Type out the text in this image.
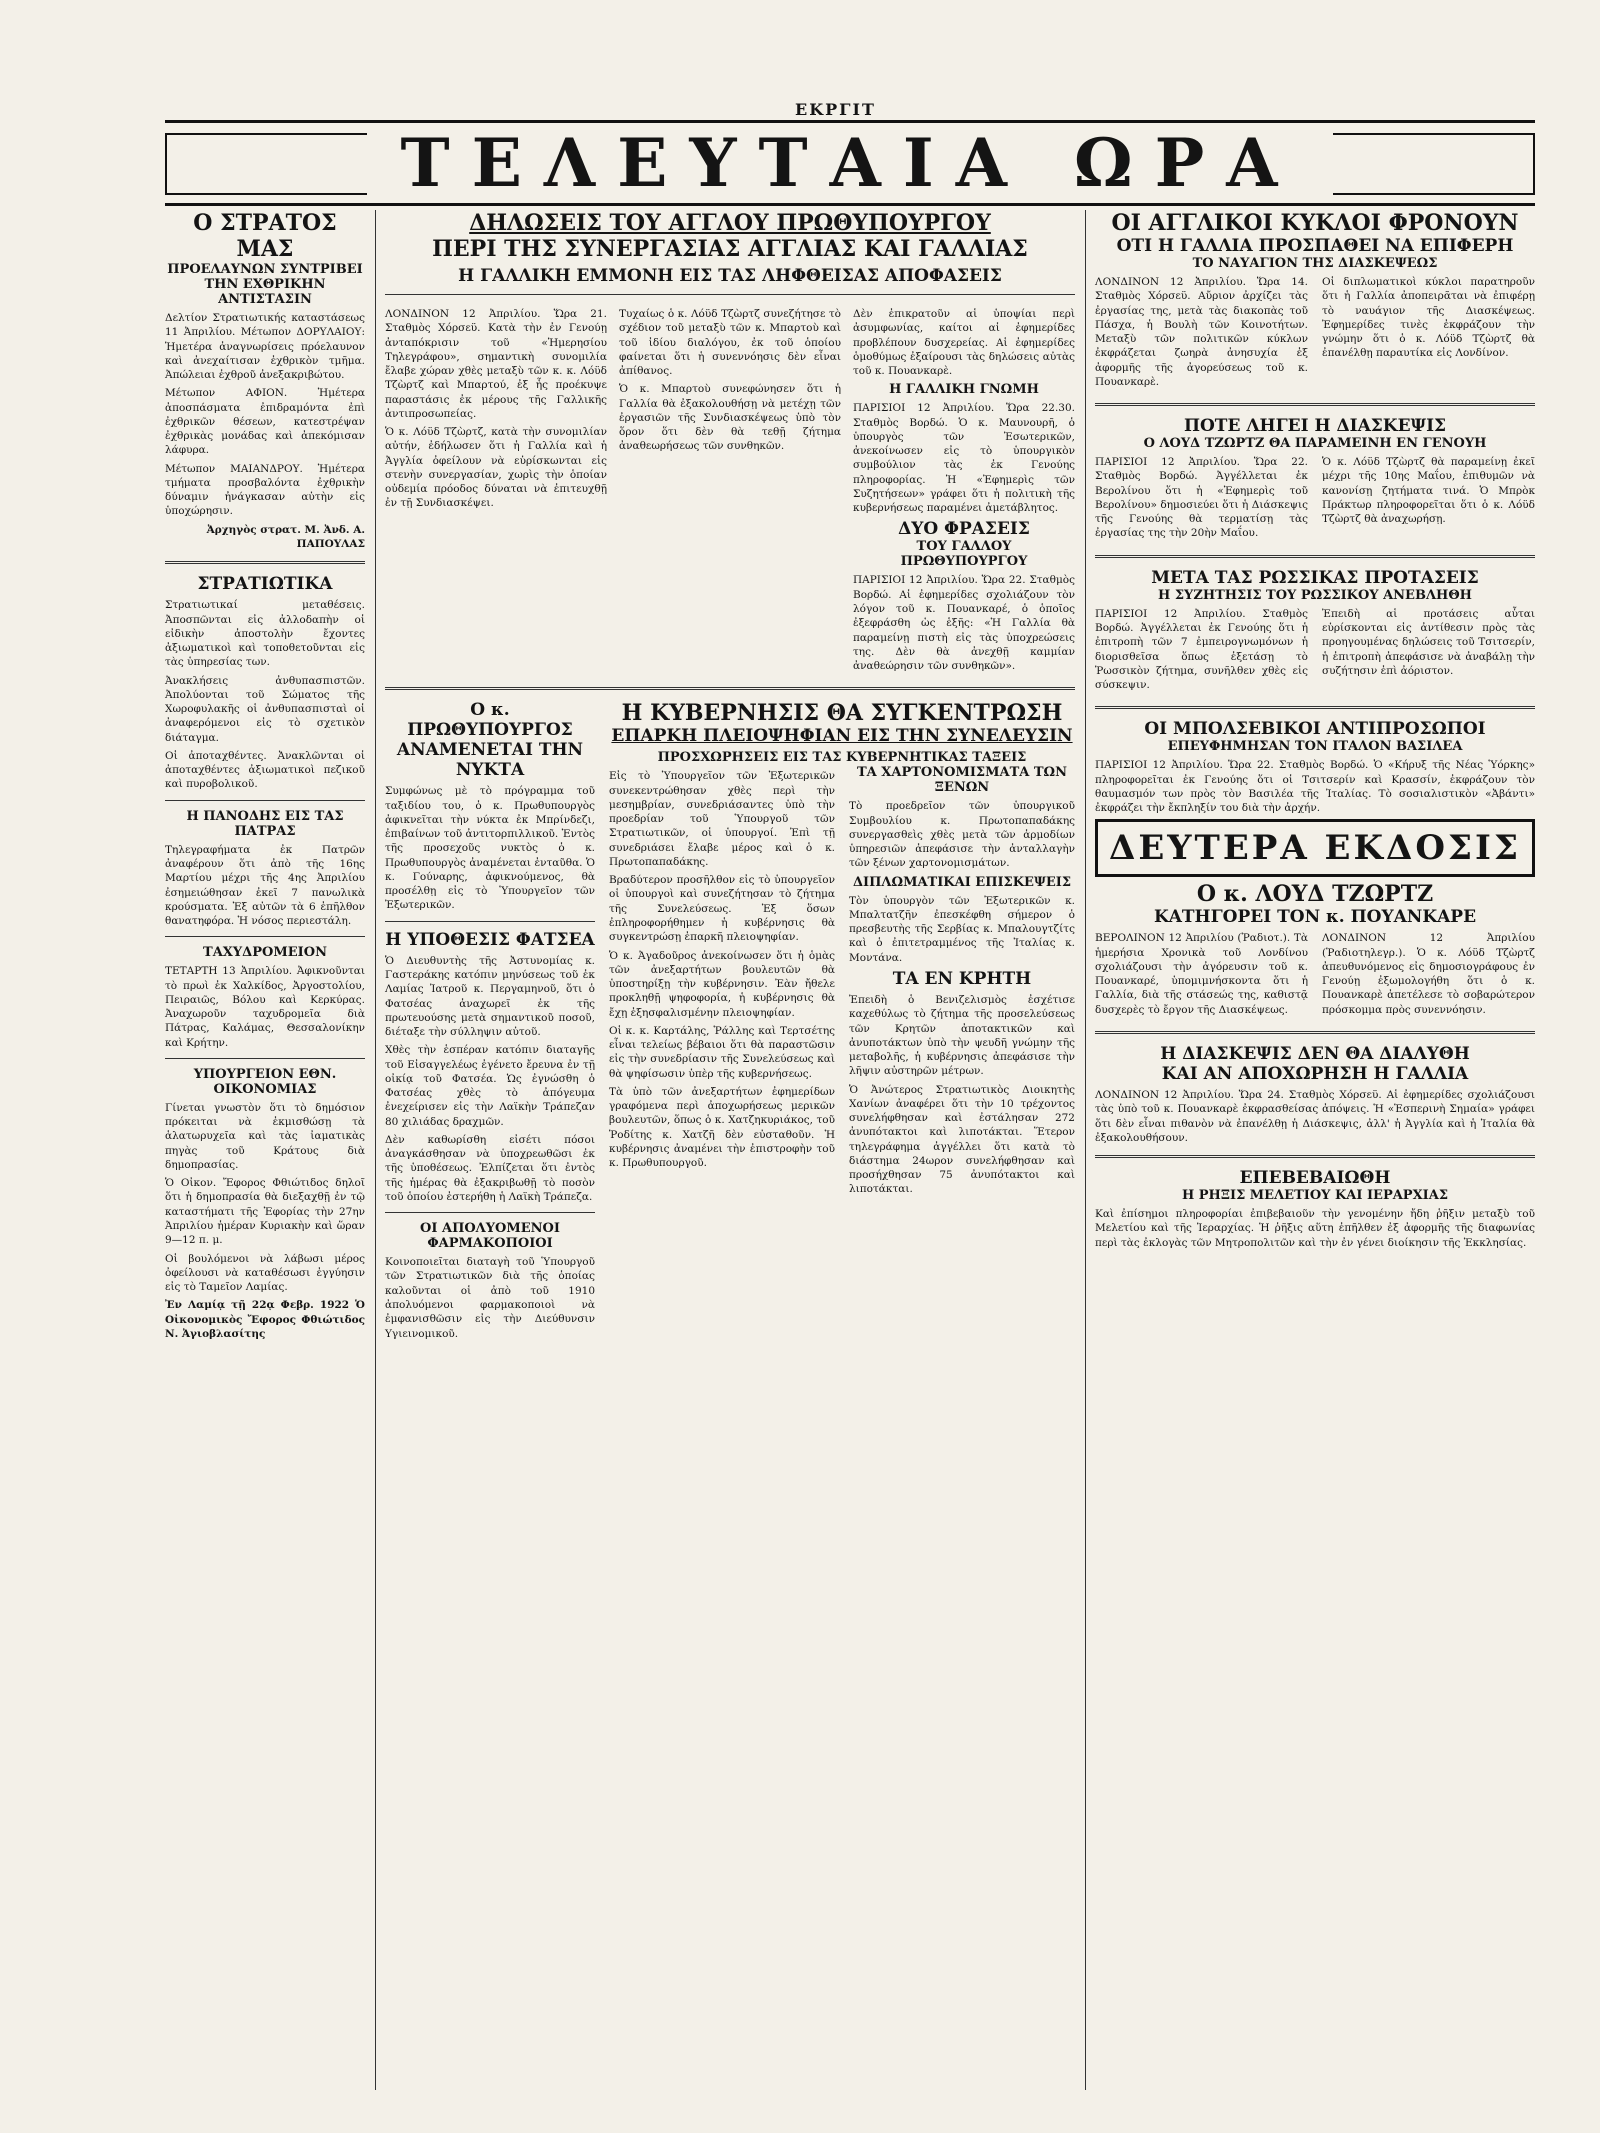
ΕΚΡΓΙΤ
ΤΕΛΕΥΤΑΙΑ ΩΡΑ
Ο ΣΤΡΑΤΟΣ ΜΑΣ
ΠΡΟΕΛΑΥΝΩΝ ΣΥΝΤΡΙΒΕΙ ΤΗΝ ΕΧΘΡΙΚΗΝ ΑΝΤΙΣΤΑΣΙΝ

Δελτίον Στρατιωτικής καταστάσεως 11 Ἀπριλίου. Μέτωπον ΔΟΡΥΛΑΙΟΥ: Ἡμετέρα ἀναγνωρίσεις πρόελαυνον καὶ ἀνεχαίτισαν ἐχθρικὸν τμῆμα. Ἀπώλειαι ἐχθροῦ ἀνεξακριβώτου.

Μέτωπον ΑΦΙΟΝ. Ἡμέτερα ἀποσπάσματα ἐπιδραμόντα ἐπὶ ἐχθρικῶν θέσεων, κατεστρέψαν ἐχθρικὰς μονάδας καὶ ἀπεκόμισαν λάφυρα.

Μέτωπον ΜΑΙΑΝΔΡΟΥ. Ἡμέτερα τμήματα προσβαλόντα ἐχθρικὴν δύναμιν ἠνάγκασαν αὐτὴν εἰς ὑποχώρησιν.

Ἀρχηγὸς στρατ. Μ. Ἀνδ. Α. ΠΑΠΟΥΛΑΣ

ΣΤΡΑΤΙΩΤΙΚΑ

Στρατιωτικαί μεταθέσεις. Ἀποσπῶνται εἰς ἀλλοδαπὴν οἱ εἰδικὴν ἀποστολὴν ἔχοντες ἀξιωματικοὶ καὶ τοποθετοῦνται εἰς τὰς ὑπηρεσίας των.

Ἀνακλήσεις ἀνθυπασπιστῶν. Ἀπολύονται τοῦ Σώματος τῆς Χωροφυλακῆς οἱ ἀνθυπασπισταὶ οἱ ἀναφερόμενοι εἰς τὸ σχετικὸν διάταγμα.

Οἱ ἀποταχθέντες. Ἀνακλῶνται οἱ ἀποταχθέντες ἀξιωματικοὶ πεζικοῦ καὶ πυροβολικοῦ.

Η ΠΑΝΟΔΗΣ ΕΙΣ ΤΑΣ ΠΑΤΡΑΣ

Τηλεγραφήματα ἐκ Πατρῶν ἀναφέρουν ὅτι ἀπὸ τῆς 16ης Μαρτίου μέχρι τῆς 4ης Ἀπριλίου ἐσημειώθησαν ἐκεῖ 7 πανωλικὰ κρούσματα. Ἐξ αὐτῶν τὰ 6 ἐπῆλθον θανατηφόρα. Ἡ νόσος περιεστάλη.

ΤΑΧΥΔΡΟΜΕΙΟΝ

ΤΕΤΑΡΤΗ 13 Ἀπριλίου. Ἀφικνοῦνται τὸ πρωὶ ἐκ Χαλκίδος, Ἀργοστολίου, Πειραιῶς, Βόλου καὶ Κερκύρας. Ἀναχωροῦν ταχυδρομεῖα διὰ Πάτρας, Καλάμας, Θεσσαλονίκην καὶ Κρήτην.

ΥΠΟΥΡΓΕΙΟΝ ΕΘΝ. ΟΙΚΟΝΟΜΙΑΣ

Γίνεται γνωστὸν ὅτι τὸ δημόσιον πρόκειται νὰ ἐκμισθώσῃ τὰ ἁλατωρυχεῖα καὶ τὰς ἰαματικὰς πηγὰς τοῦ Κράτους διὰ δημοπρασίας.

Ὁ Οἰκον. Ἔφορος Φθιώτιδος δηλοῖ ὅτι ἡ δημοπρασία θὰ διεξαχθῇ ἐν τῷ καταστήματι τῆς Ἐφορίας τὴν 27ην Ἀπριλίου ἡμέραν Κυριακὴν καὶ ὥραν 9—12 π. μ.

Οἱ βουλόμενοι νὰ λάβωσι μέρος ὀφείλουσι νὰ καταθέσωσι ἐγγύησιν εἰς τὸ Ταμεῖον Λαμίας.

Ἐν Λαμίᾳ τῇ 22ᾳ Φεβρ. 1922 Ὁ Οἰκονομικὸς Ἔφορος Φθιώτιδος Ν. Ἀγιοβλασίτης

ΔΗΛΩΣΕΙΣ ΤΟΥ ΑΓΓΛΟΥ ΠΡΩΘΥΠΟΥΡΓΟΥ
ΠΕΡΙ ΤΗΣ ΣΥΝΕΡΓΑΣΙΑΣ ΑΓΓΛΙΑΣ ΚΑΙ ΓΑΛΛΙΑΣ
Η ΓΑΛΛΙΚΗ ΕΜΜΟΝΗ ΕΙΣ ΤΑΣ ΛΗΦΘΕΙΣΑΣ ΑΠΟΦΑΣΕΙΣ

ΛΟΝΔΙΝΟΝ 12 Ἀπριλίου. Ὥρα 21. Σταθμὸς Χόρσεϋ. Κατὰ τὴν ἐν Γενούῃ ἀνταπόκρισιν τοῦ «Ἡμερησίου Τηλεγράφου», σημαντικὴ συνομιλία ἔλαβε χώραν χθὲς μεταξὺ τῶν κ. κ. Λόϋδ Τζὼρτζ καὶ Μπαρτού, ἐξ ἧς προέκυψε παραστάσις ἐκ μέρους τῆς Γαλλικῆς ἀντιπροσωπείας.

Ὁ κ. Λόϋδ Τζὼρτζ, κατὰ τὴν συνομιλίαν αὐτήν, ἐδήλωσεν ὅτι ἡ Γαλλία καὶ ἡ Ἀγγλία ὀφείλουν νὰ εὑρίσκωνται εἰς στενὴν συνεργασίαν, χωρὶς τὴν ὁποίαν οὐδεμία πρόοδος δύναται νὰ ἐπιτευχθῇ ἐν τῇ Συνδιασκέψει.

Τυχαίως ὁ κ. Λόϋδ Τζὼρτζ συνεζήτησε τὸ σχέδιον τοῦ μεταξὺ τῶν κ. Μπαρτοὺ καὶ τοῦ ἰδίου διαλόγου, ἐκ τοῦ ὁποίου φαίνεται ὅτι ἡ συνεννόησις δὲν εἶναι ἀπίθανος.

Ὁ κ. Μπαρτοὺ συνεφώνησεν ὅτι ἡ Γαλλία θὰ ἐξακολουθήσῃ νὰ μετέχῃ τῶν ἐργασιῶν τῆς Συνδιασκέψεως ὑπὸ τὸν ὅρον ὅτι δὲν θὰ τεθῇ ζήτημα ἀναθεωρήσεως τῶν συνθηκῶν.

Δὲν ἐπικρατοῦν αἱ ὑποψίαι περὶ ἀσυμφωνίας, καίτοι αἱ ἐφημερίδες προβλέπουν δυσχερείας. Αἱ ἐφημερίδες ὁμοθύμως ἐξαίρουσι τὰς δηλώσεις αὐτὰς τοῦ κ. Πουανκαρὲ.

Η ΓΑΛΛΙΚΗ ΓΝΩΜΗ

ΠΑΡΙΣΙΟΙ 12 Ἀπριλίου. Ὥρα 22.30. Σταθμὸς Βορδώ. Ὁ κ. Μαυνουρῆ, ὁ ὑπουργὸς τῶν Ἐσωτερικῶν, ἀνεκοίνωσεν εἰς τὸ ὑπουργικὸν συμβούλιον τὰς ἐκ Γενούης πληροφορίας. Ἡ «Ἐφημερὶς τῶν Συζητήσεων» γράφει ὅτι ἡ πολιτικὴ τῆς κυβερνήσεως παραμένει ἀμετάβλητος.

ΔΥΟ ΦΡΑΣΕΙΣ
ΤΟΥ ΓΑΛΛΟΥ ΠΡΩΘΥΠΟΥΡΓΟΥ

ΠΑΡΙΣΙΟΙ 12 Ἀπριλίου. Ὥρα 22. Σταθμὸς Βορδώ. Αἱ ἐφημερίδες σχολιάζουν τὸν λόγον τοῦ κ. Πουανκαρέ, ὁ ὁποῖος ἐξεφράσθη ὡς ἑξῆς: «Ἡ Γαλλία θὰ παραμείνῃ πιστὴ εἰς τὰς ὑποχρεώσεις της. Δὲν θὰ ἀνεχθῇ καμμίαν ἀναθεώρησιν τῶν συνθηκῶν».

Ο κ. ΠΡΩΘΥΠΟΥΡΓΟΣ ΑΝΑΜΕΝΕΤΑΙ ΤΗΝ ΝΥΚΤΑ

Συμφώνως μὲ τὸ πρόγραμμα τοῦ ταξιδίου του, ὁ κ. Πρωθυπουργὸς ἀφικνεῖται τὴν νύκτα ἐκ Μπρίνδεζι, ἐπιβαίνων τοῦ ἀντιτορπιλλικοῦ. Ἐντὸς τῆς προσεχοῦς νυκτὸς ὁ κ. Πρωθυπουργὸς ἀναμένεται ἐνταῦθα. Ὁ κ. Γούναρης, ἀφικνούμενος, θὰ προσέλθῃ εἰς τὸ Ὑπουργεῖον τῶν Ἐξωτερικῶν.

Η ΥΠΟΘΕΣΙΣ ΦΑΤΣΕΑ

Ὁ Διευθυντὴς τῆς Ἀστυνομίας κ. Γαστεράκης κατόπιν μηνύσεως τοῦ ἐκ Λαμίας Ἰατροῦ κ. Περγαμηνοῦ, ὅτι ὁ Φατσέας ἀναχωρεῖ ἐκ τῆς πρωτευούσης μετὰ σημαντικοῦ ποσοῦ, διέταξε τὴν σύλληψιν αὐτοῦ.

Χθὲς τὴν ἑσπέραν κατόπιν διαταγῆς τοῦ Εἰσαγγελέως ἐγένετο ἔρευνα ἐν τῇ οἰκίᾳ τοῦ Φατσέα. Ὡς ἐγνώσθη ὁ Φατσέας χθὲς τὸ ἀπόγευμα ἐνεχείρισεν εἰς τὴν Λαϊκὴν Τράπεζαν 80 χιλιάδας δραχμῶν.

Δὲν καθωρίσθη εἰσέτι πόσοι ἀναγκάσθησαν νὰ ὑποχρεωθῶσι ἐκ τῆς ὑποθέσεως. Ἐλπίζεται ὅτι ἐντὸς τῆς ἡμέρας θὰ ἐξακριβωθῇ τὸ ποσὸν τοῦ ὁποίου ἐστερήθη ἡ Λαϊκὴ Τράπεζα.

ΟΙ ΑΠΟΛΥΟΜΕΝΟΙ ΦΑΡΜΑΚΟΠΟΙΟΙ

Κοινοποιεῖται διαταγὴ τοῦ Ὑπουργοῦ τῶν Στρατιωτικῶν διὰ τῆς ὁποίας καλοῦνται οἱ ἀπὸ τοῦ 1910 ἀπολυόμενοι φαρμακοποιοὶ νὰ ἐμφανισθῶσιν εἰς τὴν Διεύθυνσιν Υγιεινομικοῦ.

Η ΚΥΒΕΡΝΗΣΙΣ ΘΑ ΣΥΓΚΕΝΤΡΩΣΗ
ΕΠΑΡΚΗ ΠΛΕΙΟΨΗΦΙΑΝ ΕΙΣ ΤΗΝ ΣΥΝΕΛΕΥΣΙΝ
ΠΡΟΣΧΩΡΗΣΕΙΣ ΕΙΣ ΤΑΣ ΚΥΒΕΡΝΗΤΙΚΑΣ ΤΑΞΕΙΣ

Εἰς τὸ Ὑπουργεῖον τῶν Ἐξωτερικῶν συνεκεντρώθησαν χθὲς περὶ τὴν μεσημβρίαν, συνεδριάσαντες ὑπὸ τὴν προεδρίαν τοῦ Ὑπουργοῦ τῶν Στρατιωτικῶν, οἱ ὑπουργοί. Ἐπὶ τῇ συνεδριάσει ἔλαβε μέρος καὶ ὁ κ. Πρωτοπαπαδάκης.

Βραδύτερον προσῆλθον εἰς τὸ ὑπουργεῖον οἱ ὑπουργοὶ καὶ συνεζήτησαν τὸ ζήτημα τῆς Συνελεύσεως. Ἐξ ὅσων ἐπληροφορήθημεν ἡ κυβέρνησις θὰ συγκεντρώσῃ ἐπαρκῆ πλειοψηφίαν.

Ὁ κ. Ἀγαδοῦρος ἀνεκοίνωσεν ὅτι ἡ ὁμὰς τῶν ἀνεξαρτήτων βουλευτῶν θὰ ὑποστηρίξῃ τὴν κυβέρνησιν. Ἐὰν ἤθελε προκληθῇ ψηφοφορία, ἡ κυβέρνησις θὰ ἔχῃ ἐξησφαλισμένην πλειοψηφίαν.

Οἱ κ. κ. Καρτάλης, Ῥάλλης καὶ Τερτσέτης εἶναι τελείως βέβαιοι ὅτι θὰ παραστῶσιν εἰς τὴν συνεδρίασιν τῆς Συνελεύσεως καὶ θὰ ψηφίσωσιν ὑπὲρ τῆς κυβερνήσεως.

Τὰ ὑπὸ τῶν ἀνεξαρτήτων ἐφημερίδων γραφόμενα περὶ ἀποχωρήσεως μερικῶν βουλευτῶν, ὅπως ὁ κ. Χατζηκυριάκος, τοῦ Ῥοδίτης κ. Χατζῆ δὲν εὐσταθοῦν. Ἡ κυβέρνησις ἀναμένει τὴν ἐπιστροφὴν τοῦ κ. Πρωθυπουργοῦ.

ΤΑ ΧΑΡΤΟΝΟΜΙΣΜΑΤΑ ΤΩΝ ΞΕΝΩΝ

Τὸ προεδρεῖον τῶν ὑπουργικοῦ Συμβουλίου κ. Πρωτοπαπαδάκης συνεργασθεὶς χθὲς μετὰ τῶν ἁρμοδίων ὑπηρεσιῶν ἀπεφάσισε τὴν ἀνταλλαγὴν τῶν ξένων χαρτονομισμάτων.

ΔΙΠΛΩΜΑΤΙΚΑΙ ΕΠΙΣΚΕΨΕΙΣ

Τὸν ὑπουργὸν τῶν Ἐξωτερικῶν κ. Μπαλτατζῆν ἐπεσκέφθη σήμερον ὁ πρεσβευτὴς τῆς Σερβίας κ. Μπαλουγτζίτς καὶ ὁ ἐπιτετραμμένος τῆς Ἰταλίας κ. Μοντάνα.

ΤΑ ΕΝ ΚΡΗΤΗ

Ἐπειδὴ ὁ Βενιζελισμὸς ἐσχέτισε καχεθύλως τὸ ζήτημα τῆς προσελεύσεως τῶν Κρητῶν ἀποτακτικῶν καὶ ἀνυποτάκτων ὑπὸ τὴν ψευδῆ γνώμην τῆς μεταβολῆς, ἡ κυβέρνησις ἀπεφάσισε τὴν λῆψιν αὐστηρῶν μέτρων.

Ὁ Ἀνώτερος Στρατιωτικὸς Διοικητὴς Χανίων ἀναφέρει ὅτι τὴν 10 τρέχοντος συνελήφθησαν καὶ ἐστάλησαν 272 ἀνυπότακτοι καὶ λιποτάκται. Ἕτερον τηλεγράφημα ἀγγέλλει ὅτι κατὰ τὸ διάστημα 24ωρον συνελήφθησαν καὶ προσήχθησαν 75 ἀνυπότακτοι καὶ λιποτάκται.

ΟΙ ΑΓΓΛΙΚΟΙ ΚΥΚΛΟΙ ΦΡΟΝΟΥΝ
ΟΤΙ Η ΓΑΛΛΙΑ ΠΡΟΣΠΑΘΕΙ ΝΑ ΕΠΙΦΕΡΗ
ΤΟ ΝΑΥΑΓΙΟΝ ΤΗΣ ΔΙΑΣΚΕΨΕΩΣ

ΛΟΝΔΙΝΟΝ 12 Ἀπριλίου. Ὥρα 14. Σταθμὸς Χόρσεϋ. Αὔριον ἀρχίζει τὰς ἐργασίας της, μετὰ τὰς διακοπὰς τοῦ Πάσχα, ἡ Βουλὴ τῶν Κοινοτήτων. Μεταξὺ τῶν πολιτικῶν κύκλων ἐκφράζεται ζωηρὰ ἀνησυχία ἐξ ἀφορμῆς τῆς ἀγορεύσεως τοῦ κ. Πουανκαρὲ.

Οἱ διπλωματικοὶ κύκλοι παρατηροῦν ὅτι ἡ Γαλλία ἀποπειρᾶται νὰ ἐπιφέρῃ τὸ ναυάγιον τῆς Διασκέψεως. Ἐφημερίδες τινὲς ἐκφράζουν τὴν γνώμην ὅτι ὁ κ. Λόϋδ Τζὼρτζ θὰ ἐπανέλθῃ παραυτίκα εἰς Λονδίνον.

ΠΟΤΕ ΛΗΓΕΙ Η ΔΙΑΣΚΕΨΙΣ
Ο ΛΟΥΔ ΤΖΩΡΤΖ ΘΑ ΠΑΡΑΜΕΙΝΗ ΕΝ ΓΕΝΟΥΗ

ΠΑΡΙΣΙΟΙ 12 Ἀπριλίου. Ὥρα 22. Σταθμὸς Βορδώ. Ἀγγέλλεται ἐκ Βερολίνου ὅτι ἡ «Ἐφημερὶς τοῦ Βερολίνου» δημοσιεύει ὅτι ἡ Διάσκεψις τῆς Γενούης θὰ τερματίσῃ τὰς ἐργασίας της τὴν 20ὴν Μαΐου.

Ὁ κ. Λόϋδ Τζὼρτζ θὰ παραμείνῃ ἐκεῖ μέχρι τῆς 10ης Μαΐου, ἐπιθυμῶν νὰ κανονίσῃ ζητήματα τινά. Ὁ Μπρὸκ Πράκτωρ πληροφορεῖται ὅτι ὁ κ. Λόϋδ Τζὼρτζ θὰ ἀναχωρήσῃ.

ΜΕΤΑ ΤΑΣ ΡΩΣΣΙΚΑΣ ΠΡΟΤΑΣΕΙΣ
Η ΣΥΖΗΤΗΣΙΣ ΤΟΥ ΡΩΣΣΙΚΟΥ ΑΝΕΒΛΗΘΗ

ΠΑΡΙΣΙΟΙ 12 Ἀπριλίου. Σταθμὸς Βορδώ. Ἀγγέλλεται ἐκ Γενούης ὅτι ἡ ἐπιτροπὴ τῶν 7 ἐμπειρογνωμόνων ἡ διορισθεῖσα ὅπως ἐξετάσῃ τὸ Ῥωσσικὸν ζήτημα, συνῆλθεν χθὲς εἰς σύσκεψιν.

Ἐπειδὴ αἱ προτάσεις αὗται εὑρίσκονται εἰς ἀντίθεσιν πρὸς τὰς προηγουμένας δηλώσεις τοῦ Τσιτσερίν, ἡ ἐπιτροπὴ ἀπεφάσισε νὰ ἀναβάλῃ τὴν συζήτησιν ἐπὶ ἀόριστον.

ΟΙ ΜΠΟΛΣΕΒΙΚΟΙ ΑΝΤΙΠΡΟΣΩΠΟΙ
ΕΠΕΥΦΗΜΗΣΑΝ ΤΟΝ ΙΤΑΛΟΝ ΒΑΣΙΛΕΑ

ΠΑΡΙΣΙΟΙ 12 Ἀπριλίου. Ὥρα 22. Σταθμὸς Βορδώ. Ὁ «Κήρυξ τῆς Νέας Ὑόρκης» πληροφορεῖται ἐκ Γενούης ὅτι οἱ Τσιτσερίν καὶ Κρασσίν, ἐκφράζουν τὸν θαυμασμόν των πρὸς τὸν Βασιλέα τῆς Ἰταλίας. Τὸ σοσιαλιστικὸν «Ἀβάντι» ἐκφράζει τὴν ἔκπληξίν του διὰ τὴν ἀρχήν.

ΔΕΥΤΕΡΑ ΕΚΔΟΣΙΣ
Ο κ. ΛΟΥΔ ΤΖΩΡΤΖ
ΚΑΤΗΓΟΡΕΙ ΤΟΝ κ. ΠΟΥΑΝΚΑΡΕ

ΒΕΡΟΛΙΝΟΝ 12 Ἀπριλίου (Ῥαδιοτ.). Τὰ ἡμερήσια Χρονικὰ τοῦ Λονδίνου σχολιάζουσι τὴν ἀγόρευσιν τοῦ κ. Πουανκαρέ, ὑπομιμνήσκοντα ὅτι ἡ Γαλλία, διὰ τῆς στάσεώς της, καθιστᾷ δυσχερὲς τὸ ἔργον τῆς Διασκέψεως.

ΛΟΝΔΙΝΟΝ 12 Ἀπριλίου (Ῥαδιοτηλεγρ.). Ὁ κ. Λόϋδ Τζὼρτζ ἀπευθυνόμενος εἰς δημοσιογράφους ἐν Γενούῃ ἐξωμολογήθη ὅτι ὁ κ. Πουανκαρὲ ἀπετέλεσε τὸ σοβαρώτερον πρόσκομμα πρὸς συνεννόησιν.

Η ΔΙΑΣΚΕΨΙΣ ΔΕΝ ΘΑ ΔΙΑΛΥΘΗ
ΚΑΙ ΑΝ ΑΠΟΧΩΡΗΣΗ Η ΓΑΛΛΙΑ

ΛΟΝΔΙΝΟΝ 12 Ἀπριλίου. Ὥρα 24. Σταθμὸς Χόρσεϋ. Αἱ ἐφημερίδες σχολιάζουσι τὰς ὑπὸ τοῦ κ. Πουανκαρὲ ἐκφρασθείσας ἀπόψεις. Ἡ «Ἑσπερινὴ Σημαία» γράφει ὅτι δὲν εἶναι πιθανὸν νὰ ἐπανέλθῃ ἡ Διάσκεψις, ἀλλ' ἡ Ἀγγλία καὶ ἡ Ἰταλία θὰ ἐξακολουθήσουν.

ΕΠΕΒΕΒΑΙΩΘΗ
Η ΡΗΞΙΣ ΜΕΛΕΤΙΟΥ ΚΑΙ ΙΕΡΑΡΧΙΑΣ

Καὶ ἐπίσημοι πληροφορίαι ἐπιβεβαιοῦν τὴν γενομένην ἤδη ῥῆξιν μεταξὺ τοῦ Μελετίου καὶ τῆς Ἱεραρχίας. Ἡ ῥῆξις αὕτη ἐπῆλθεν ἐξ ἀφορμῆς τῆς διαφωνίας περὶ τὰς ἐκλογὰς τῶν Μητροπολιτῶν καὶ τὴν ἐν γένει διοίκησιν τῆς Ἐκκλησίας.
